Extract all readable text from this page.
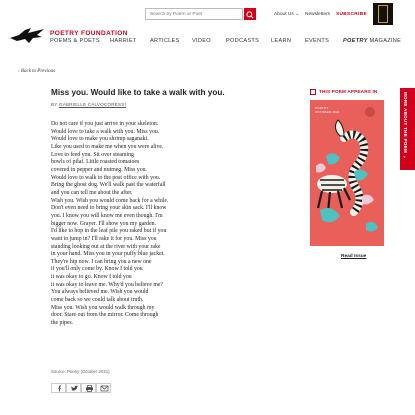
POETRY FOUNDATION
Search by Poem or Poet
About Us ⌄ Newsletters SUBSCRIBE
POEMS & POETS HARRIET ARTICLES VIDEO	PODCASTS LEARN EVENTS POETRY MAGAZINE
‹ Back to Previous
Miss you. Would like to take a walk with you.
BY GABRIELLE CALVOCORESSI
Do not care if you just arrive in your skeleton.
Would love to take a walk with you. Miss you.
Would love to make you shrimp saganaki.
Like you used to make me when you were alive.
Love to feed you. Sit over steaming
bowls of pilaf. Little roasted tomatoes
covered in pepper and nutmeg. Miss you.
Would love to walk to the post office with you.
Bring the ghost dog. We'll walk past the waterfall
and you can tell me about the after.
Wish you. Wish you would come back for a while.
Don't even need to bring your skin sack. I'll know
you. I know you will know me even though. I'm
bigger now. Grayer. I'll show you my garden.
I'd like to hop in the leaf pile you raked but if you
want to jump in? I'll rake it for you. Miss you
standing looking out at the river with your rake
in your hand. Miss you in your puffy blue jacket.
They're hip now. I can bring you a new one
if you'll only come by. Know I told you
it was okay to go. Know I told you
it was okay to leave me. Why'd you believe me?
You always believed me. Wish you would
come back so we could talk about truth.
Miss you. Wish you would walk through my
door. Stare out from the mirror. Come through
the pipes.
Source: Poetry (October 2021)
THIS POEM APPEARS IN
POETRY
OCTOBER 2021
Read Issue
MORE ABOUT THE POEM ⌄
